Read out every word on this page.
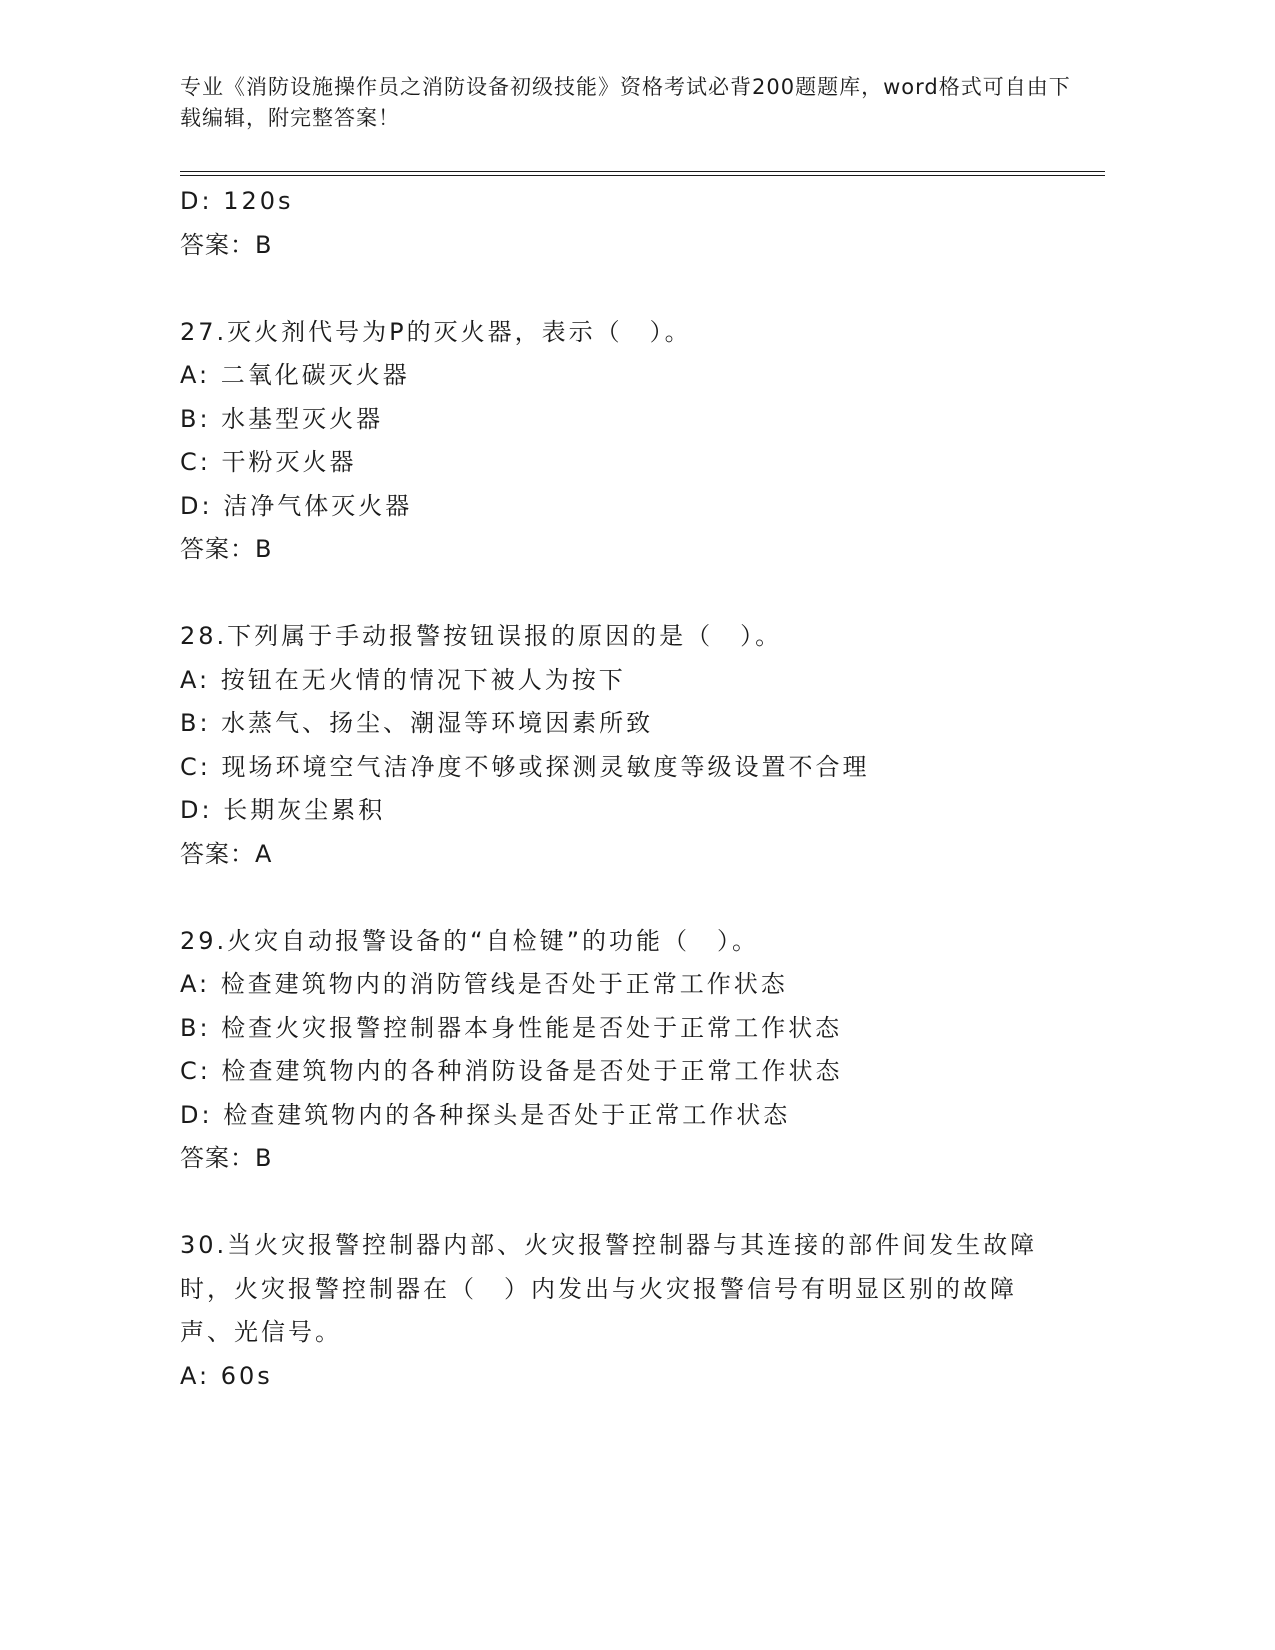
专业《消防设施操作员之消防设备初级技能》资格考试必背200题题库，word格式可自由下载编辑，附完整答案！
D: 120s
答案：B
27.灭火剂代号为P的灭火器，表示（　）。
A: 二氧化碳灭火器
B: 水基型灭火器
C: 干粉灭火器
D: 洁净气体灭火器
答案：B
28.下列属于手动报警按钮误报的原因的是（　）。
A: 按钮在无火情的情况下被人为按下
B: 水蒸气、扬尘、潮湿等环境因素所致
C: 现场环境空气洁净度不够或探测灵敏度等级设置不合理
D: 长期灰尘累积
答案：A
29.火灾自动报警设备的“自检键”的功能（　）。
A: 检查建筑物内的消防管线是否处于正常工作状态
B: 检查火灾报警控制器本身性能是否处于正常工作状态
C: 检查建筑物内的各种消防设备是否处于正常工作状态
D: 检查建筑物内的各种探头是否处于正常工作状态
答案：B
30.当火灾报警控制器内部、火灾报警控制器与其连接的部件间发生故障时，火灾报警控制器在（　）内发出与火灾报警信号有明显区别的故障声、光信号。
A: 60s
